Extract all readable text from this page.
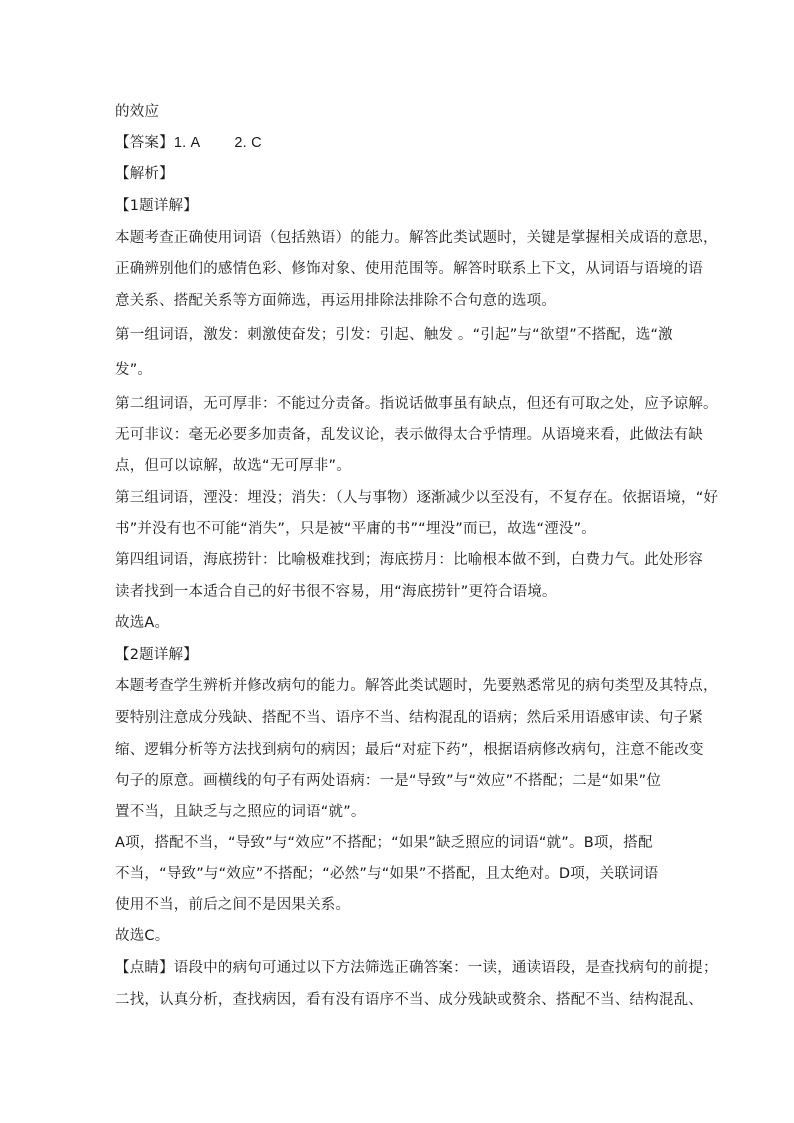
的效应
【答案】1. A 2. C
【解析】
【1题详解】
本题考查正确使用词语（包括熟语）的能力。解答此类试题时，关键是掌握相关成语的意思，
正确辨别他们的感情色彩、修饰对象、使用范围等。解答时联系上下文，从词语与语境的语
意关系、搭配关系等方面筛选，再运用排除法排除不合句意的选项。
第一组词语，激发：刺激使奋发；引发：引起、触发 。“引起”与“欲望”不搭配，选“激
发”。
第二组词语，无可厚非：不能过分责备。指说话做事虽有缺点，但还有可取之处，应予谅解。
无可非议：毫无必要多加责备，乱发议论，表示做得太合乎情理。从语境来看，此做法有缺
点，但可以谅解，故选“无可厚非”。
第三组词语，湮没：埋没；消失：（人与事物）逐渐减少以至没有，不复存在。依据语境，“好
书”并没有也不可能“消失”，只是被“平庸的书”“埋没”而已，故选“湮没”。
第四组词语，海底捞针：比喻极难找到；海底捞月：比喻根本做不到，白费力气。此处形容
读者找到一本适合自己的好书很不容易，用“海底捞针”更符合语境。
故选A。
【2题详解】
本题考查学生辨析并修改病句的能力。解答此类试题时，先要熟悉常见的病句类型及其特点，
要特别注意成分残缺、搭配不当、语序不当、结构混乱的语病；然后采用语感审读、句子紧
缩、逻辑分析等方法找到病句的病因；最后“对症下药”，根据语病修改病句，注意不能改变
句子的原意。画横线的句子有两处语病：一是“导致”与“效应”不搭配；二是“如果”位
置不当，且缺乏与之照应的词语“就”。
A项，搭配不当，“导致”与“效应”不搭配；“如果”缺乏照应的词语“就”。B项，搭配
不当，“导致”与“效应”不搭配；“必然”与“如果”不搭配，且太绝对。D项，关联词语
使用不当，前后之间不是因果关系。
故选C。
【点睛】语段中的病句可通过以下方法筛选正确答案：一读，通读语段，是查找病句的前提；
二找，认真分析，查找病因，看有没有语序不当、成分残缺或赘余、搭配不当、结构混乱、
